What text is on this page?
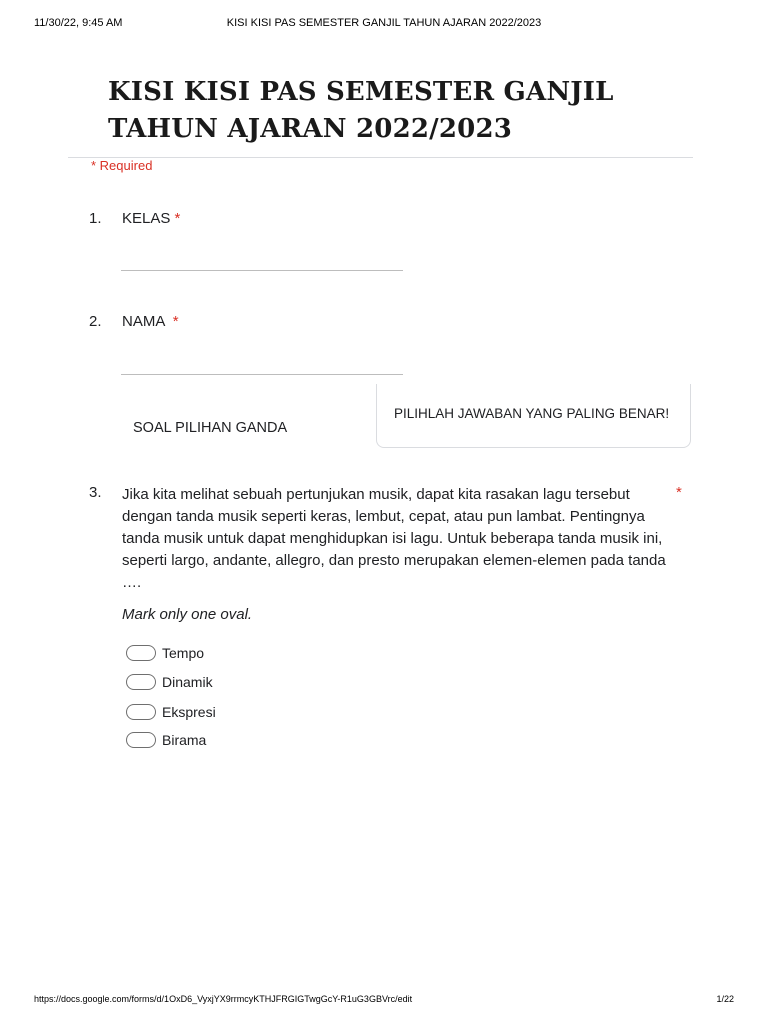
11/30/22, 9:45 AM	KISI KISI PAS SEMESTER GANJIL TAHUN AJARAN 2022/2023
KISI KISI PAS SEMESTER GANJIL TAHUN AJARAN 2022/2023
* Required
1. KELAS *
2. NAMA *
SOAL PILIHAN GANDA
PILIHLAH JAWABAN YANG PALING BENAR!
3. Jika kita melihat sebuah pertunjukan musik, dapat kita rasakan lagu tersebut dengan tanda musik seperti keras, lembut, cepat, atau pun lambat. Pentingnya tanda musik untuk dapat menghidupkan isi lagu. Untuk beberapa tanda musik ini, seperti largo, andante, allegro, dan presto merupakan elemen-elemen pada tanda ….

*
Mark only one oval.
Tempo
Dinamik
Ekspresi
Birama
https://docs.google.com/forms/d/1OxD6_VyxjYX9rrmcyKTHJFRGIGTwgGcY-R1uG3GBVrc/edit	1/22
